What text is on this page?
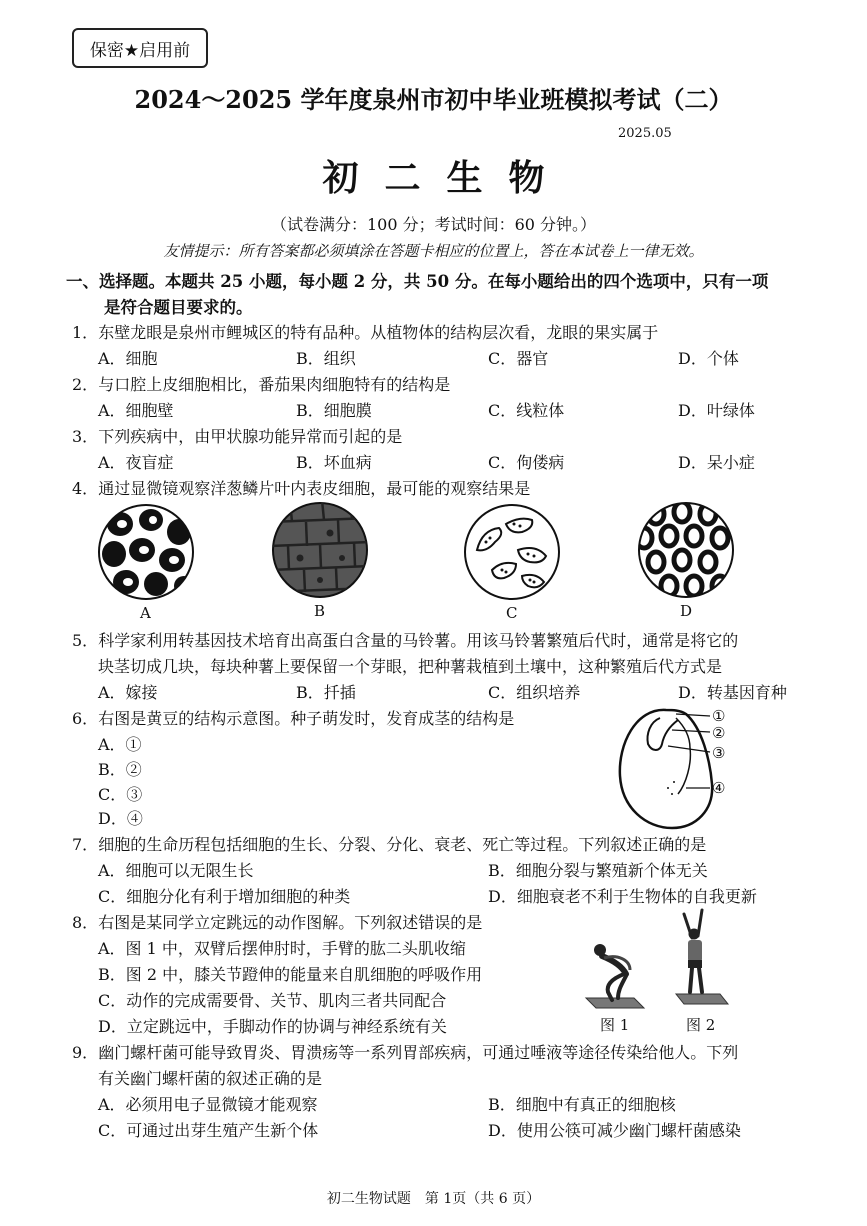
保密★启用前
2024～2025 学年度泉州市初中毕业班模拟考试（二）
2025.05
初二生物
（试卷满分：100 分；考试时间：60 分钟。）
友情提示：所有答案都必须填涂在答题卡相应的位置上，答在本试卷上一律无效。
一、选择题。本题共 25 小题，每小题 2 分，共 50 分。在每小题给出的四个选项中，只有一项
是符合题目要求的。
1．东壁龙眼是泉州市鲤城区的特有品种。从植物体的结构层次看，龙眼的果实属于
A．细胞	B．组织	C．器官	D．个体
2．与口腔上皮细胞相比，番茄果肉细胞特有的结构是
A．细胞壁	B．细胞膜	C．线粒体	D．叶绿体
3．下列疾病中，由甲状腺功能异常而引起的是
A．夜盲症	B．坏血病	C．佝偻病	D．呆小症
4．通过显微镜观察洋葱鳞片叶内表皮细胞，最可能的观察结果是
A	B	C	D
5．科学家利用转基因技术培育出高蛋白含量的马铃薯。用该马铃薯繁殖后代时，通常是将它的
块茎切成几块，每块种薯上要保留一个芽眼，把种薯栽植到土壤中，这种繁殖后代方式是
A．嫁接	B．扦插	C．组织培养	D．转基因育种
6．右图是黄豆的结构示意图。种子萌发时，发育成茎的结构是
A．①
B．②
C．③
D．④
①
②
③
④
7．细胞的生命历程包括细胞的生长、分裂、分化、衰老、死亡等过程。下列叙述正确的是
A．细胞可以无限生长	B．细胞分裂与繁殖新个体无关
C．细胞分化有利于增加细胞的种类	D．细胞衰老不利于生物体的自我更新
8．右图是某同学立定跳远的动作图解。下列叙述错误的是
A．图 1 中，双臂后摆伸肘时，手臂的肱二头肌收缩
B．图 2 中，膝关节蹬伸的能量来自肌细胞的呼吸作用
C．动作的完成需要骨、关节、肌肉三者共同配合
D．立定跳远中，手脚动作的协调与神经系统有关	图 1	图 2
9．幽门螺杆菌可能导致胃炎、胃溃疡等一系列胃部疾病，可通过唾液等途径传染给他人。下列
有关幽门螺杆菌的叙述正确的是
A．必须用电子显微镜才能观察	B．细胞中有真正的细胞核
C．可通过出芽生殖产生新个体	D．使用公筷可减少幽门螺杆菌感染
初二生物试题　第 1页（共 6 页）
